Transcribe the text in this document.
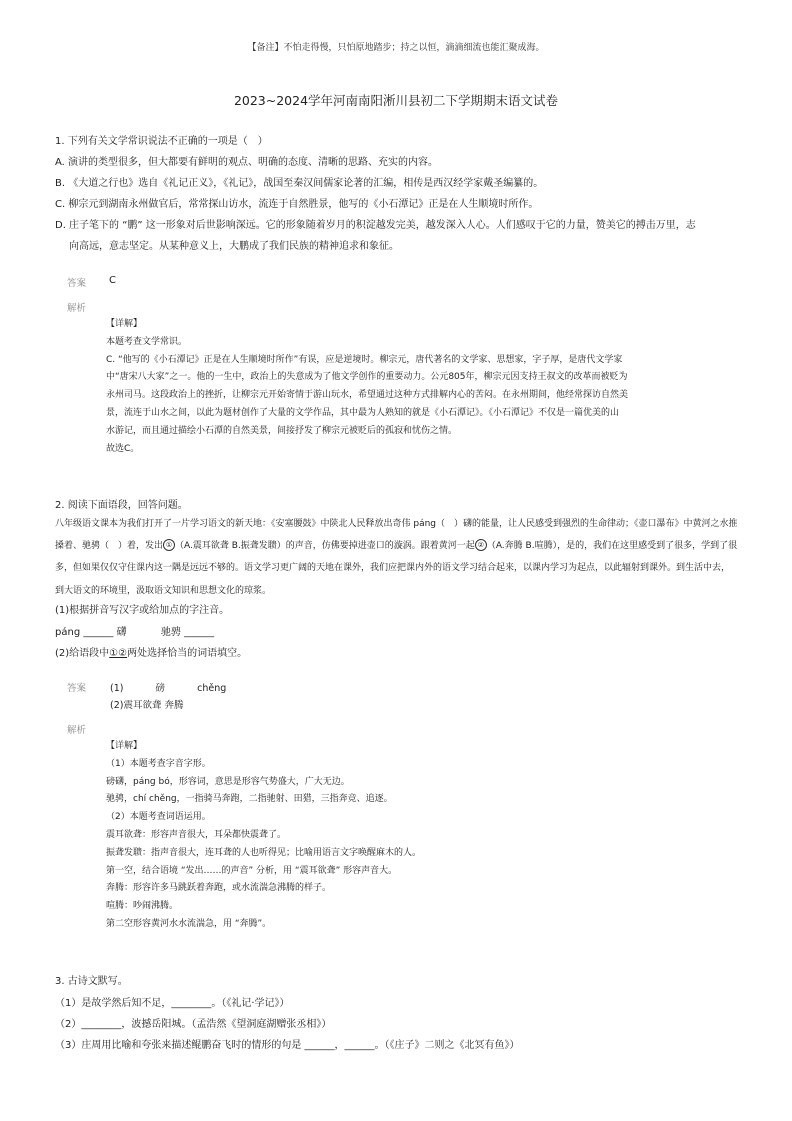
【备注】不怕走得慢，只怕原地踏步；持之以恒，滴滴细流也能汇聚成海。
2023~2024学年河南南阳淅川县初二下学期期末语文试卷
1. 下列有关文学常识说法不正确的一项是（　）
A. 演讲的类型很多，但大都要有鲜明的观点、明确的态度、清晰的思路、充实的内容。
B. 《大道之行也》选自《礼记正义》，《礼记》，战国至秦汉间儒家论著的汇编，相传是西汉经学家戴圣编纂的。
C. 柳宗元到湖南永州做官后，常常探山访水，流连于自然胜景，他写的《小石潭记》正是在人生顺境时所作。
D. 庄子笔下的 “鹏” 这一形象对后世影响深远。它的形象随着岁月的积淀越发完美，越发深入人心。人们感叹于它的力量，赞美它的搏击万里，志
向高远，意志坚定。从某种意义上，大鹏成了我们民族的精神追求和象征。
答案 C
解析
【详解】
本题考查文学常识。
C. “他写的《小石潭记》正是在人生顺境时所作”有误，应是逆境时。柳宗元，唐代著名的文学家、思想家，字子厚，是唐代文学家
中“唐宋八大家”之一。他的一生中，政治上的失意成为了他文学创作的重要动力。公元805年，柳宗元因支持王叔文的改革而被贬为
永州司马。这段政治上的挫折，让柳宗元开始寄情于游山玩水，希望通过这种方式排解内心的苦闷。在永州期间，他经常探访自然美
景，流连于山水之间，以此为题材创作了大量的文学作品，其中最为人熟知的就是《小石潭记》。《小石潭记》不仅是一篇优美的山
水游记，而且通过描绘小石潭的自然美景，间接抒发了柳宗元被贬后的孤寂和忧伤之情。
故选C。
2. 阅读下面语段，回答问题。
八年级语文课本为我们打开了一片学习语文的新天地：《安塞腰鼓》中陕北人民释放出奇伟 páng（　）礴的能量，让人民感受到强烈的生命律动；《壶口瀑布》中黄河之水推搡着、驰骋（　）着，发出 ① （A.震耳欲聋 B.振聋发聩）的声音，仿佛要掉进壶口的漩涡。跟着黄河一起 ② （A.奔腾 B.喧腾），是的，我们在这里感受到了很多，学到了很多，但如果仅仅守住课内这一隅是远远不够的。语文学习更广阔的天地在课外，我们应把课内外的语文学习结合起来，以课内学习为起点，以此辐射到课外。到生活中去，到大语文的环境里，汲取语文知识和思想文化的琼浆。
(1)根据拼音写汉字或给加点的字注音。
páng ______ 礴	驰骋 ______
(2)给语段中①②两处选择恰当的词语填空。
答案	(1)	磅	chěng
(2)震耳欲聋 奔腾
解析
【详解】
（1）本题考查字音字形。
磅礴，pánɡ bó，形容词，意思是形容气势盛大，广大无边。
驰骋，chí chěng，一指骑马奔跑，二指驰射、田猎，三指奔竞、追逐。
（2）本题考查词语运用。
震耳欲聋：形容声音很大，耳朵都快震聋了。
振聋发聩：指声音很大，连耳聋的人也听得见；比喻用语言文字唤醒麻木的人。
第一空，结合语境 “发出……的声音” 分析，用 “震耳欲聋” 形容声音大。
奔腾：形容许多马跳跃着奔跑，或水流湍急沸腾的样子。
喧腾：吵闹沸腾。
第二空形容黄河水水流湍急，用 “奔腾”。
3. 古诗文默写。
（1）是故学然后知不足，________。（《礼记·学记》）
（2）________，波撼岳阳城。（孟浩然《望洞庭湖赠张丞相》）
（3）庄周用比喻和夸张来描述鲲鹏奋飞时的情形的句是 ______，______。（《庄子》二则之《北冥有鱼》）
